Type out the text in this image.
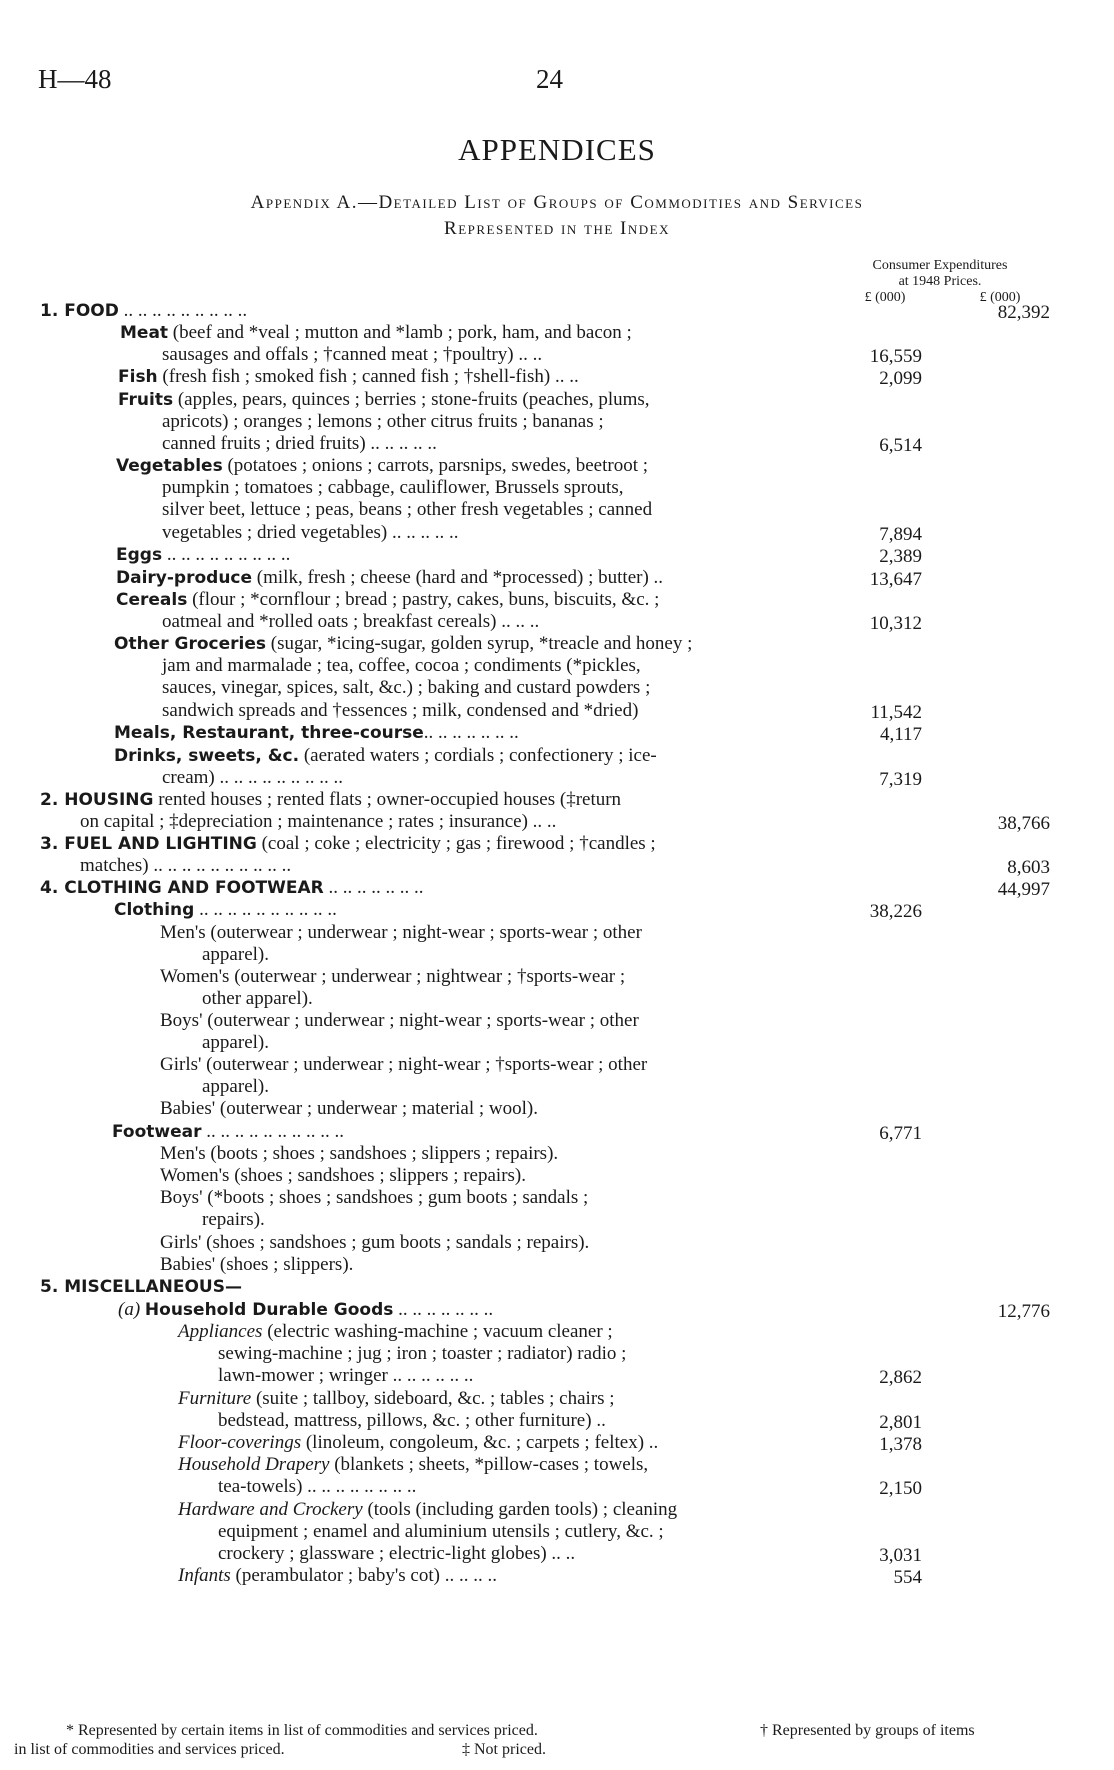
H—48	24
APPENDICES
Appendix A.—Detailed List of Groups of Commodities and Services
Represented in the Index
Consumer Expenditures
at 1948 Prices.
£ (000)	£ (000)
1. FOOD .. .. .. .. .. .. .. .. ..	82,392
Meat (beef and *veal ; mutton and *lamb ; pork, ham, and bacon ;
sausages and offals ; †canned meat ; †poultry) .. ..	16,559
Fish (fresh fish ; smoked fish ; canned fish ; †shell-fish) .. ..	2,099
Fruits (apples, pears, quinces ; berries ; stone-fruits (peaches, plums,
apricots) ; oranges ; lemons ; other citrus fruits ; bananas ;
canned fruits ; dried fruits) .. .. .. .. ..	6,514
Vegetables (potatoes ; onions ; carrots, parsnips, swedes, beetroot ;
pumpkin ; tomatoes ; cabbage, cauliflower, Brussels sprouts,
silver beet, lettuce ; peas, beans ; other fresh vegetables ; canned
vegetables ; dried vegetables) .. .. .. .. ..	7,894
Eggs .. .. .. .. .. .. .. .. ..	2,389
Dairy-produce (milk, fresh ; cheese (hard and *processed) ; butter) ..	13,647
Cereals (flour ; *cornflour ; bread ; pastry, cakes, buns, biscuits, &c. ;
oatmeal and *rolled oats ; breakfast cereals) .. .. ..	10,312
Other Groceries (sugar, *icing-sugar, golden syrup, *treacle and honey ;
jam and marmalade ; tea, coffee, cocoa ; condiments (*pickles,
sauces, vinegar, spices, salt, &c.) ; baking and custard powders ;
sandwich spreads and †essences ; milk, condensed and *dried)	11,542
Meals, Restaurant, three-course.. .. .. .. .. .. ..	4,117
Drinks, sweets, &c. (aerated waters ; cordials ; confectionery ; ice-
cream) .. .. .. .. .. .. .. .. ..	7,319
2. HOUSING rented houses ; rented flats ; owner-occupied houses (‡return
on capital ; ‡depreciation ; maintenance ; rates ; insurance) .. ..	38,766
3. FUEL AND LIGHTING (coal ; coke ; electricity ; gas ; firewood ; †candles ;
matches) .. .. .. .. .. .. .. .. .. ..	8,603
4. CLOTHING AND FOOTWEAR .. .. .. .. .. .. ..	44,997
Clothing .. .. .. .. .. .. .. .. .. ..	38,226
Men's (outerwear ; underwear ; night-wear ; sports-wear ; other
apparel).
Women's (outerwear ; underwear ; nightwear ; †sports-wear ;
other apparel).
Boys' (outerwear ; underwear ; night-wear ; sports-wear ; other
apparel).
Girls' (outerwear ; underwear ; night-wear ; †sports-wear ; other
apparel).
Babies' (outerwear ; underwear ; material ; wool).
Footwear .. .. .. .. .. .. .. .. .. ..	6,771
Men's (boots ; shoes ; sandshoes ; slippers ; repairs).
Women's (shoes ; sandshoes ; slippers ; repairs).
Boys' (*boots ; shoes ; sandshoes ; gum boots ; sandals ;
repairs).
Girls' (shoes ; sandshoes ; gum boots ; sandals ; repairs).
Babies' (shoes ; slippers).
5. MISCELLANEOUS—
(a) Household Durable Goods .. .. .. .. .. .. ..	12,776
Appliances (electric washing-machine ; vacuum cleaner ;
sewing-machine ; jug ; iron ; toaster ; radiator) radio ;
lawn-mower ; wringer .. .. .. .. .. ..	2,862
Furniture (suite ; tallboy, sideboard, &c. ; tables ; chairs ;
bedstead, mattress, pillows, &c. ; other furniture) ..	2,801
Floor-coverings (linoleum, congoleum, &c. ; carpets ; feltex) ..	1,378
Household Drapery (blankets ; sheets, *pillow-cases ; towels,
tea-towels) .. .. .. .. .. .. .. ..	2,150
Hardware and Crockery (tools (including garden tools) ; cleaning
equipment ; enamel and aluminium utensils ; cutlery, &c. ;
crockery ; glassware ; electric-light globes) .. ..	3,031
Infants (perambulator ; baby's cot) .. .. .. ..	554
* Represented by certain items in list of commodities and services priced.	† Represented by groups of items
in list of commodities and services priced.	‡ Not priced.
